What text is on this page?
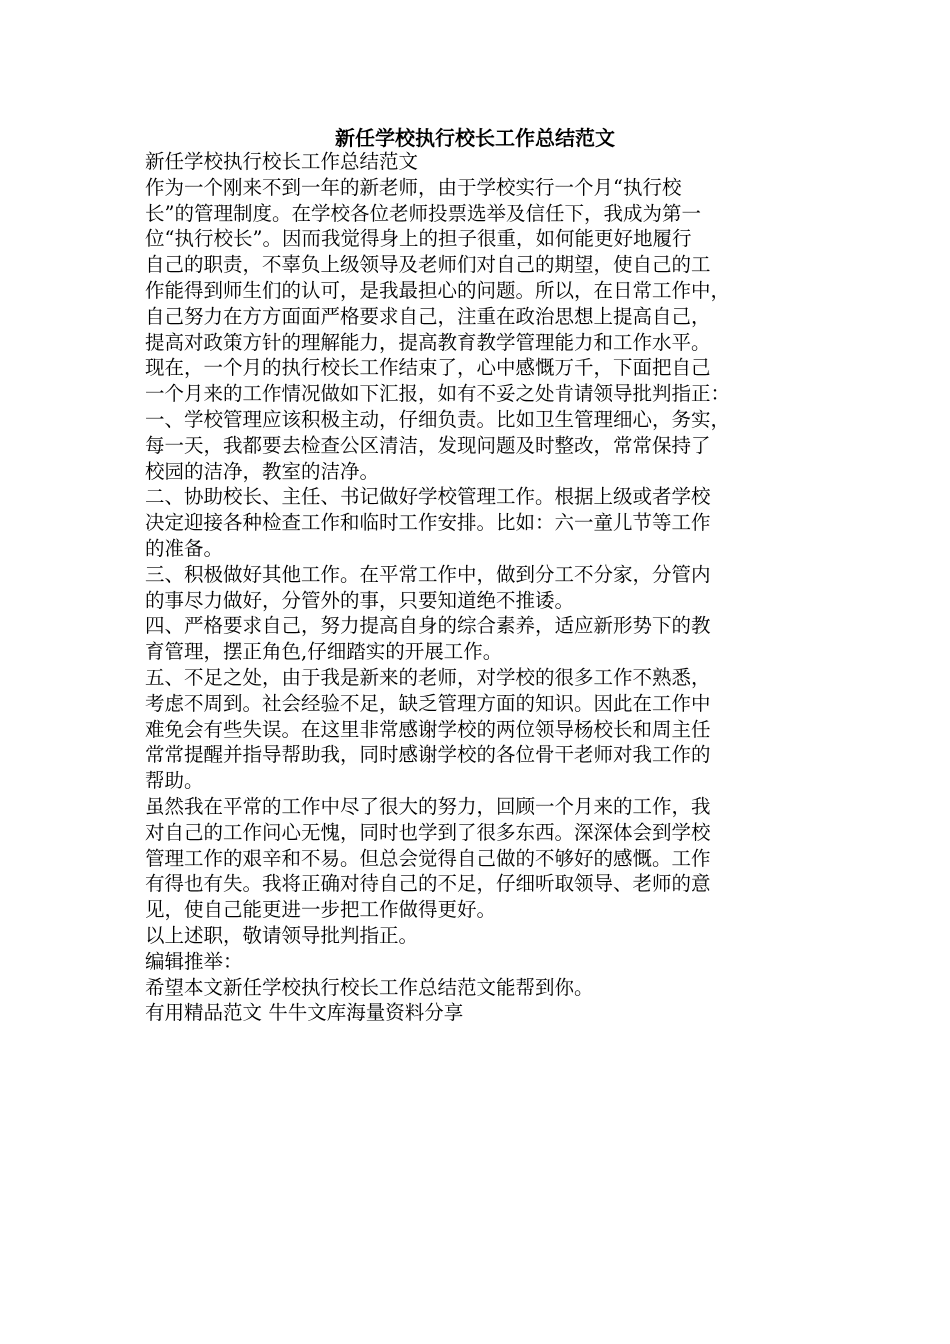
新任学校执行校长工作总结范文
新任学校执行校长工作总结范文
作为一个刚来不到一年的新老师，由于学校实行一个月“执行校
长”的管理制度。在学校各位老师投票选举及信任下，我成为第一
位“执行校长”。因而我觉得身上的担子很重，如何能更好地履行
自己的职责，不辜负上级领导及老师们对自己的期望，使自己的工
作能得到师生们的认可，是我最担心的问题。所以，在日常工作中，
自己努力在方方面面严格要求自己，注重在政治思想上提高自己，
提高对政策方针的理解能力，提高教育教学管理能力和工作水平。
现在，一个月的执行校长工作结束了，心中感慨万千，下面把自己
一个月来的工作情况做如下汇报，如有不妥之处肯请领导批判指正：
一、学校管理应该积极主动，仔细负责。比如卫生管理细心，务实，
每一天，我都要去检查公区清洁，发现问题及时整改，常常保持了
校园的洁净，教室的洁净。
二、协助校长、主任、书记做好学校管理工作。根据上级或者学校
决定迎接各种检查工作和临时工作安排。比如：六一童儿节等工作
的准备。
三、积极做好其他工作。在平常工作中，做到分工不分家，分管内
的事尽力做好，分管外的事，只要知道绝不推诿。
四、严格要求自己，努力提高自身的综合素养，适应新形势下的教
育管理，摆正角色,仔细踏实的开展工作。
五、不足之处，由于我是新来的老师，对学校的很多工作不熟悉，
考虑不周到。社会经验不足，缺乏管理方面的知识。因此在工作中
难免会有些失误。在这里非常感谢学校的两位领导杨校长和周主任
常常提醒并指导帮助我，同时感谢学校的各位骨干老师对我工作的
帮助。
虽然我在平常的工作中尽了很大的努力，回顾一个月来的工作，我
对自己的工作问心无愧，同时也学到了很多东西。深深体会到学校
管理工作的艰辛和不易。但总会觉得自己做的不够好的感慨。工作
有得也有失。我将正确对待自己的不足，仔细听取领导、老师的意
见，使自己能更进一步把工作做得更好。
以上述职，敬请领导批判指正。
编辑推举：
希望本文新任学校执行校长工作总结范文能帮到你。
有用精品范文 牛牛文库海量资料分享
